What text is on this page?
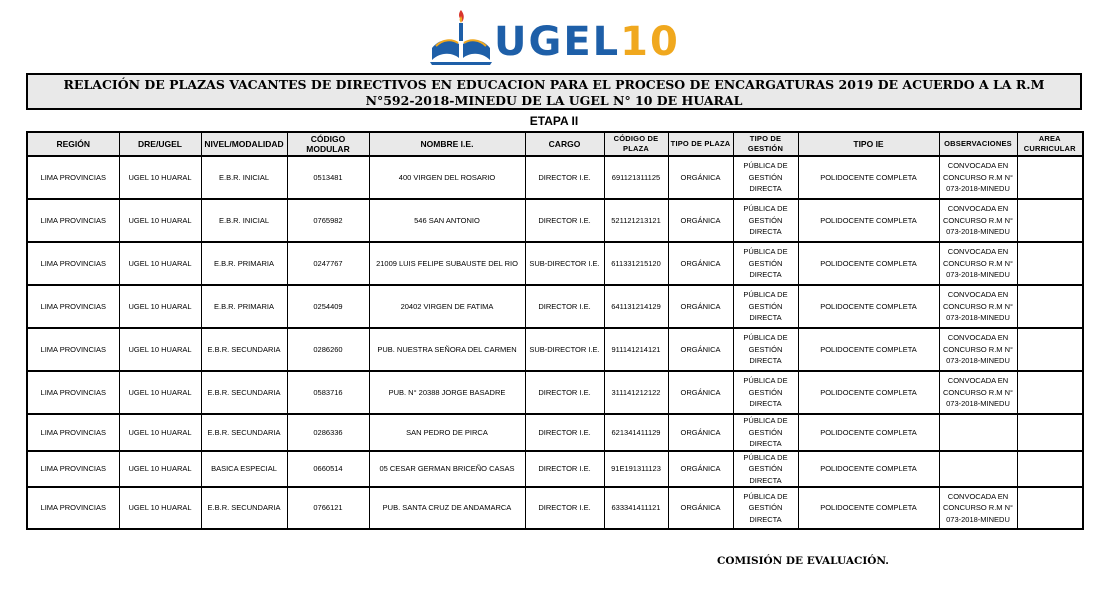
UGEL10
RELACIÓN DE PLAZAS VACANTES DE DIRECTIVOS EN EDUCACION PARA EL PROCESO DE ENCARGATURAS 2019 DE ACUERDO A LA R.M
N°592-2018-MINEDU DE LA UGEL N° 10 DE HUARAL
ETAPA II
REGIÓN	DRE/UGEL	NIVEL/MODALIDAD	CÓDIGO MODULAR	NOMBRE I.E.	CARGO	CÓDIGO DE PLAZA	TIPO DE PLAZA	TIPO DE GESTIÓN	TIPO IE	OBSERVACIONES	AREA CURRICULAR
LIMA PROVINCIAS	UGEL 10 HUARAL	E.B.R. INICIAL	0513481	400 VIRGEN DEL ROSARIO	DIRECTOR I.E.	691121311125	ORGÁNICA	PÚBLICA DE GESTIÓN DIRECTA	POLIDOCENTE COMPLETA	CONVOCADA EN CONCURSO R.M N° 073-2018-MINEDU	
LIMA PROVINCIAS	UGEL 10 HUARAL	E.B.R. INICIAL	0765982	546 SAN ANTONIO	DIRECTOR I.E.	521121213121	ORGÁNICA	PÚBLICA DE GESTIÓN DIRECTA	POLIDOCENTE COMPLETA	CONVOCADA EN CONCURSO R.M N° 073-2018-MINEDU	
LIMA PROVINCIAS	UGEL 10 HUARAL	E.B.R. PRIMARIA	0247767	21009 LUIS FELIPE SUBAUSTE DEL RIO	SUB-DIRECTOR I.E.	611331215120	ORGÁNICA	PÚBLICA DE GESTIÓN DIRECTA	POLIDOCENTE COMPLETA	CONVOCADA EN CONCURSO R.M N° 073-2018-MINEDU	
LIMA PROVINCIAS	UGEL 10 HUARAL	E.B.R. PRIMARIA	0254409	20402 VIRGEN DE FATIMA	DIRECTOR I.E.	641131214129	ORGÁNICA	PÚBLICA DE GESTIÓN DIRECTA	POLIDOCENTE COMPLETA	CONVOCADA EN CONCURSO R.M N° 073-2018-MINEDU	
LIMA PROVINCIAS	UGEL 10 HUARAL	E.B.R. SECUNDARIA	0286260	PUB. NUESTRA SEÑORA DEL CARMEN	SUB-DIRECTOR I.E.	911141214121	ORGÁNICA	PÚBLICA DE GESTIÓN DIRECTA	POLIDOCENTE COMPLETA	CONVOCADA EN CONCURSO R.M N° 073-2018-MINEDU	
LIMA PROVINCIAS	UGEL 10 HUARAL	E.B.R. SECUNDARIA	0583716	PUB. N° 20388 JORGE BASADRE	DIRECTOR I.E.	311141212122	ORGÁNICA	PÚBLICA DE GESTIÓN DIRECTA	POLIDOCENTE COMPLETA	CONVOCADA EN CONCURSO R.M N° 073-2018-MINEDU	
LIMA PROVINCIAS	UGEL 10 HUARAL	E.B.R. SECUNDARIA	0286336	SAN PEDRO DE PIRCA	DIRECTOR I.E.	621341411129	ORGÁNICA	PÚBLICA DE GESTIÓN DIRECTA	POLIDOCENTE COMPLETA		
LIMA PROVINCIAS	UGEL 10 HUARAL	BASICA ESPECIAL	0660514	05 CESAR GERMAN BRICEÑO CASAS	DIRECTOR I.E.	91E191311123	ORGÁNICA	PÚBLICA DE GESTIÓN DIRECTA	POLIDOCENTE COMPLETA		
LIMA PROVINCIAS	UGEL 10 HUARAL	E.B.R. SECUNDARIA	0766121	PUB. SANTA CRUZ DE ANDAMARCA	DIRECTOR I.E.	633341411121	ORGÁNICA	PÚBLICA DE GESTIÓN DIRECTA	POLIDOCENTE COMPLETA	CONVOCADA EN CONCURSO R.M N° 073-2018-MINEDU	
COMISIÓN DE EVALUACIÓN.
